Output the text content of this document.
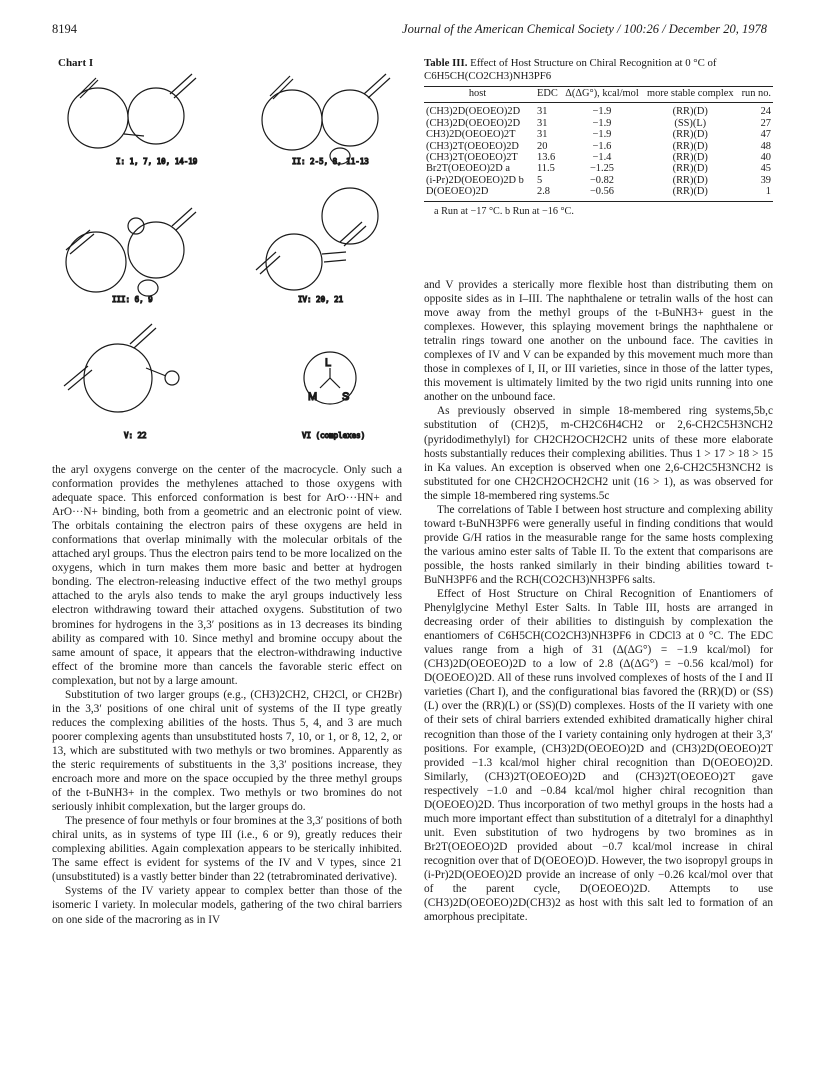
8194	Journal of the American Chemical Society / 100:26 / December 20, 1978
Chart I
I: 1, 7, 10, 14-19	II: 2-5, 8, 11-13
III: 6, 9	IV: 20, 21
V: 22
L
M S
VI (complexes)
Table III. Effect of Host Structure on Chiral Recognition at 0 °C of C6H5CH(CO2CH3)NH3PF6
host	EDC	Δ(ΔG°), kcal/mol	more stable complex	run no.
(CH3)2D(OEOEO)2D	31	−1.9	(RR)(D)	24
(CH3)2D(OEOEO)2D	31	−1.9	(SS)(L)	27
CH3)2D(OEOEO)2T	31	−1.9	(RR)(D)	47
(CH3)2T(OEOEO)2D	20	−1.6	(RR)(D)	48
(CH3)2T(OEOEO)2T	13.6	−1.4	(RR)(D)	40
Br2T(OEOEO)2D a	11.5	−1.25	(RR)(D)	45
(i-Pr)2D(OEOEO)2D b	5	−0.82	(RR)(D)	39
D(OEOEO)2D	2.8	−0.56	(RR)(D)	1
a Run at −17 °C. b Run at −16 °C.

the aryl oxygens converge on the center of the macrocycle. Only such a conformation provides the methylenes attached to those oxygens with adequate space. This enforced conformation is best for ArO···HN+ and ArO···N+ binding, both from a geometric and an electronic point of view. The orbitals containing the electron pairs of these oxygens are held in conformations that overlap minimally with the molecular orbitals of the attached aryl groups. Thus the electron pairs tend to be more localized on the oxygens, which in turn makes them more basic and better at hydrogen bonding. The electron-releasing inductive effect of the two methyl groups attached to the aryls also tends to make the aryl groups inductively less electron withdrawing toward their attached oxygens. Substitution of two bromines for hydrogens in the 3,3′ positions as in 13 decreases its binding ability as compared with 10. Since methyl and bromine occupy about the same amount of space, it appears that the electron-withdrawing inductive effect of the bromine more than cancels the favorable steric effect on complexation, but not by a large amount.

Substitution of two larger groups (e.g., (CH3)2CH2, CH2Cl, or CH2Br) in the 3,3′ positions of one chiral unit of systems of the II type greatly reduces the complexing abilities of the hosts. Thus 5, 4, and 3 are much poorer complexing agents than unsubstituted hosts 7, 10, or 1, or 8, 12, 2, or 13, which are substituted with two methyls or two bromines. Apparently as the steric requirements of substituents in the 3,3′ positions increase, they encroach more and more on the space occupied by the three methyl groups of the t-BuNH3+ in the complex. Two methyls or two bromines do not seriously inhibit complexation, but the larger groups do.

The presence of four methyls or four bromines at the 3,3′ positions of both chiral units, as in systems of type III (i.e., 6 or 9), greatly reduces their complexing abilities. Again complexation appears to be sterically inhibited. The same effect is evident for systems of the IV and V types, since 21 (unsubstituted) is a vastly better binder than 22 (tetrabrominated derivative).

Systems of the IV variety appear to complex better than those of the isomeric I variety. In molecular models, gathering of the two chiral barriers on one side of the macroring as in IV

and V provides a sterically more flexible host than distributing them on opposite sides as in I–III. The naphthalene or tetralin walls of the host can move away from the methyl groups of the t-BuNH3+ guest in the complexes. However, this splaying movement brings the naphthalene or tetralin rings toward one another on the unbound face. The cavities in complexes of IV and V can be expanded by this movement much more than those in complexes of I, II, or III varieties, since in those of the latter types, this movement is ultimately limited by the two rigid units running into one another on the unbound face.

As previously observed in simple 18-membered ring systems,5b,c substitution of (CH2)5, m-CH2C6H4CH2 or 2,6-CH2C5H3NCH2 (pyridodimethylyl) for CH2CH2OCH2CH2 units of these more elaborate hosts substantially reduces their complexing abilities. Thus 1 > 17 > 18 > 15 in Ka values. An exception is observed when one 2,6-CH2C5H3NCH2 is substituted for one CH2CH2OCH2CH2 unit (16 > 1), as was observed for the simple 18-membered ring systems.5c

The correlations of Table I between host structure and complexing ability toward t-BuNH3PF6 were generally useful in finding conditions that would provide G/H ratios in the measurable range for the same hosts complexing the various amino ester salts of Table II. To the extent that comparisons are possible, the hosts ranked similarly in their binding abilities toward t-BuNH3PF6 and the RCH(CO2CH3)NH3PF6 salts.

Effect of Host Structure on Chiral Recognition of Enantiomers of Phenylglycine Methyl Ester Salts. In Table III, hosts are arranged in decreasing order of their abilities to distinguish by complexation the enantiomers of C6H5CH(CO2CH3)NH3PF6 in CDCl3 at 0 °C. The EDC values range from a high of 31 (Δ(ΔG°) = −1.9 kcal/mol) for (CH3)2D(OEOEO)2D to a low of 2.8 (Δ(ΔG°) = −0.56 kcal/mol) for D(OEOEO)2D. All of these runs involved complexes of hosts of the I and II varieties (Chart I), and the configurational bias favored the (RR)(D) or (SS)(L) over the (RR)(L) or (SS)(D) complexes. Hosts of the II variety with one of their sets of chiral barriers extended exhibited dramatically higher chiral recognition than those of the I variety containing only hydrogen at their 3,3′ positions. For example, (CH3)2D(OEOEO)2D and (CH3)2D(OEOEO)2T provided −1.3 kcal/mol higher chiral recognition than D(OEOEO)2D. Similarly, (CH3)2T(OEOEO)2D and (CH3)2T(OEOEO)2T gave respectively −1.0 and −0.84 kcal/mol higher chiral recognition than D(OEOEO)2D. Thus incorporation of two methyl groups in the hosts had a much more important effect than substitution of a ditetralyl for a dinaphthyl unit. Even substitution of two hydrogens by two bromines as in Br2T(OEOEO)2D provided about −0.7 kcal/mol increase in chiral recognition over that of D(OEOEO)D. However, the two isopropyl groups in (i-Pr)2D(OEOEO)2D provide an increase of only −0.26 kcal/mol over that of the parent cycle, D(OEOEO)2D. Attempts to use (CH3)2D(OEOEO)2D(CH3)2 as host with this salt led to formation of an amorphous precipitate.
